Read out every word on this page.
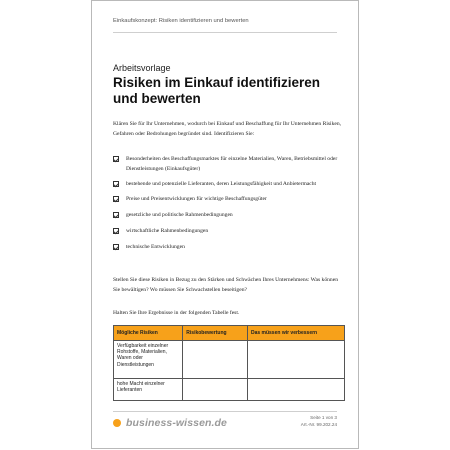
Einkaufskonzept: Risiken identifizieren und bewerten
Arbeitsvorlage
Risiken im Einkauf identifizieren und bewerten
Klären Sie für Ihr Unternehmen, wodurch bei Einkauf und Beschaffung für Ihr Unternehmen Risiken, Gefahren oder Bedrohungen begründet sind. Identifizieren Sie:
Besonderheiten des Beschaffungsmarktes für einzelne Materialien, Waren, Betriebsmittel oder Dienstleistungen (Einkaufsgüter)
bestehende und potenzielle Lieferanten, deren Leistungsfähigkeit und Anbietermacht
Preise und Preisentwicklungen für wichtige Beschaffungsgüter
gesetzliche und politische Rahmenbedingungen
wirtschaftliche Rahmenbedingungen
technische Entwicklungen
Stellen Sie diese Risiken in Bezug zu den Stärken und Schwächen Ihres Unternehmens: Was können Sie bewältigen? Wo müssen Sie Schwachstellen beseitigen?
Halten Sie Ihre Ergebnisse in der folgenden Tabelle fest.
Mögliche Risiken	Risikobewertung	Das müssen wir verbessern
Verfügbarkeit einzelner Rohstoffe, Materialien, Waren oder Dienstleistungen		
hohe Macht einzelner Lieferanten		
business-wissen.de	Seite 1 von 3
Art.-Nr. 99.202.24
